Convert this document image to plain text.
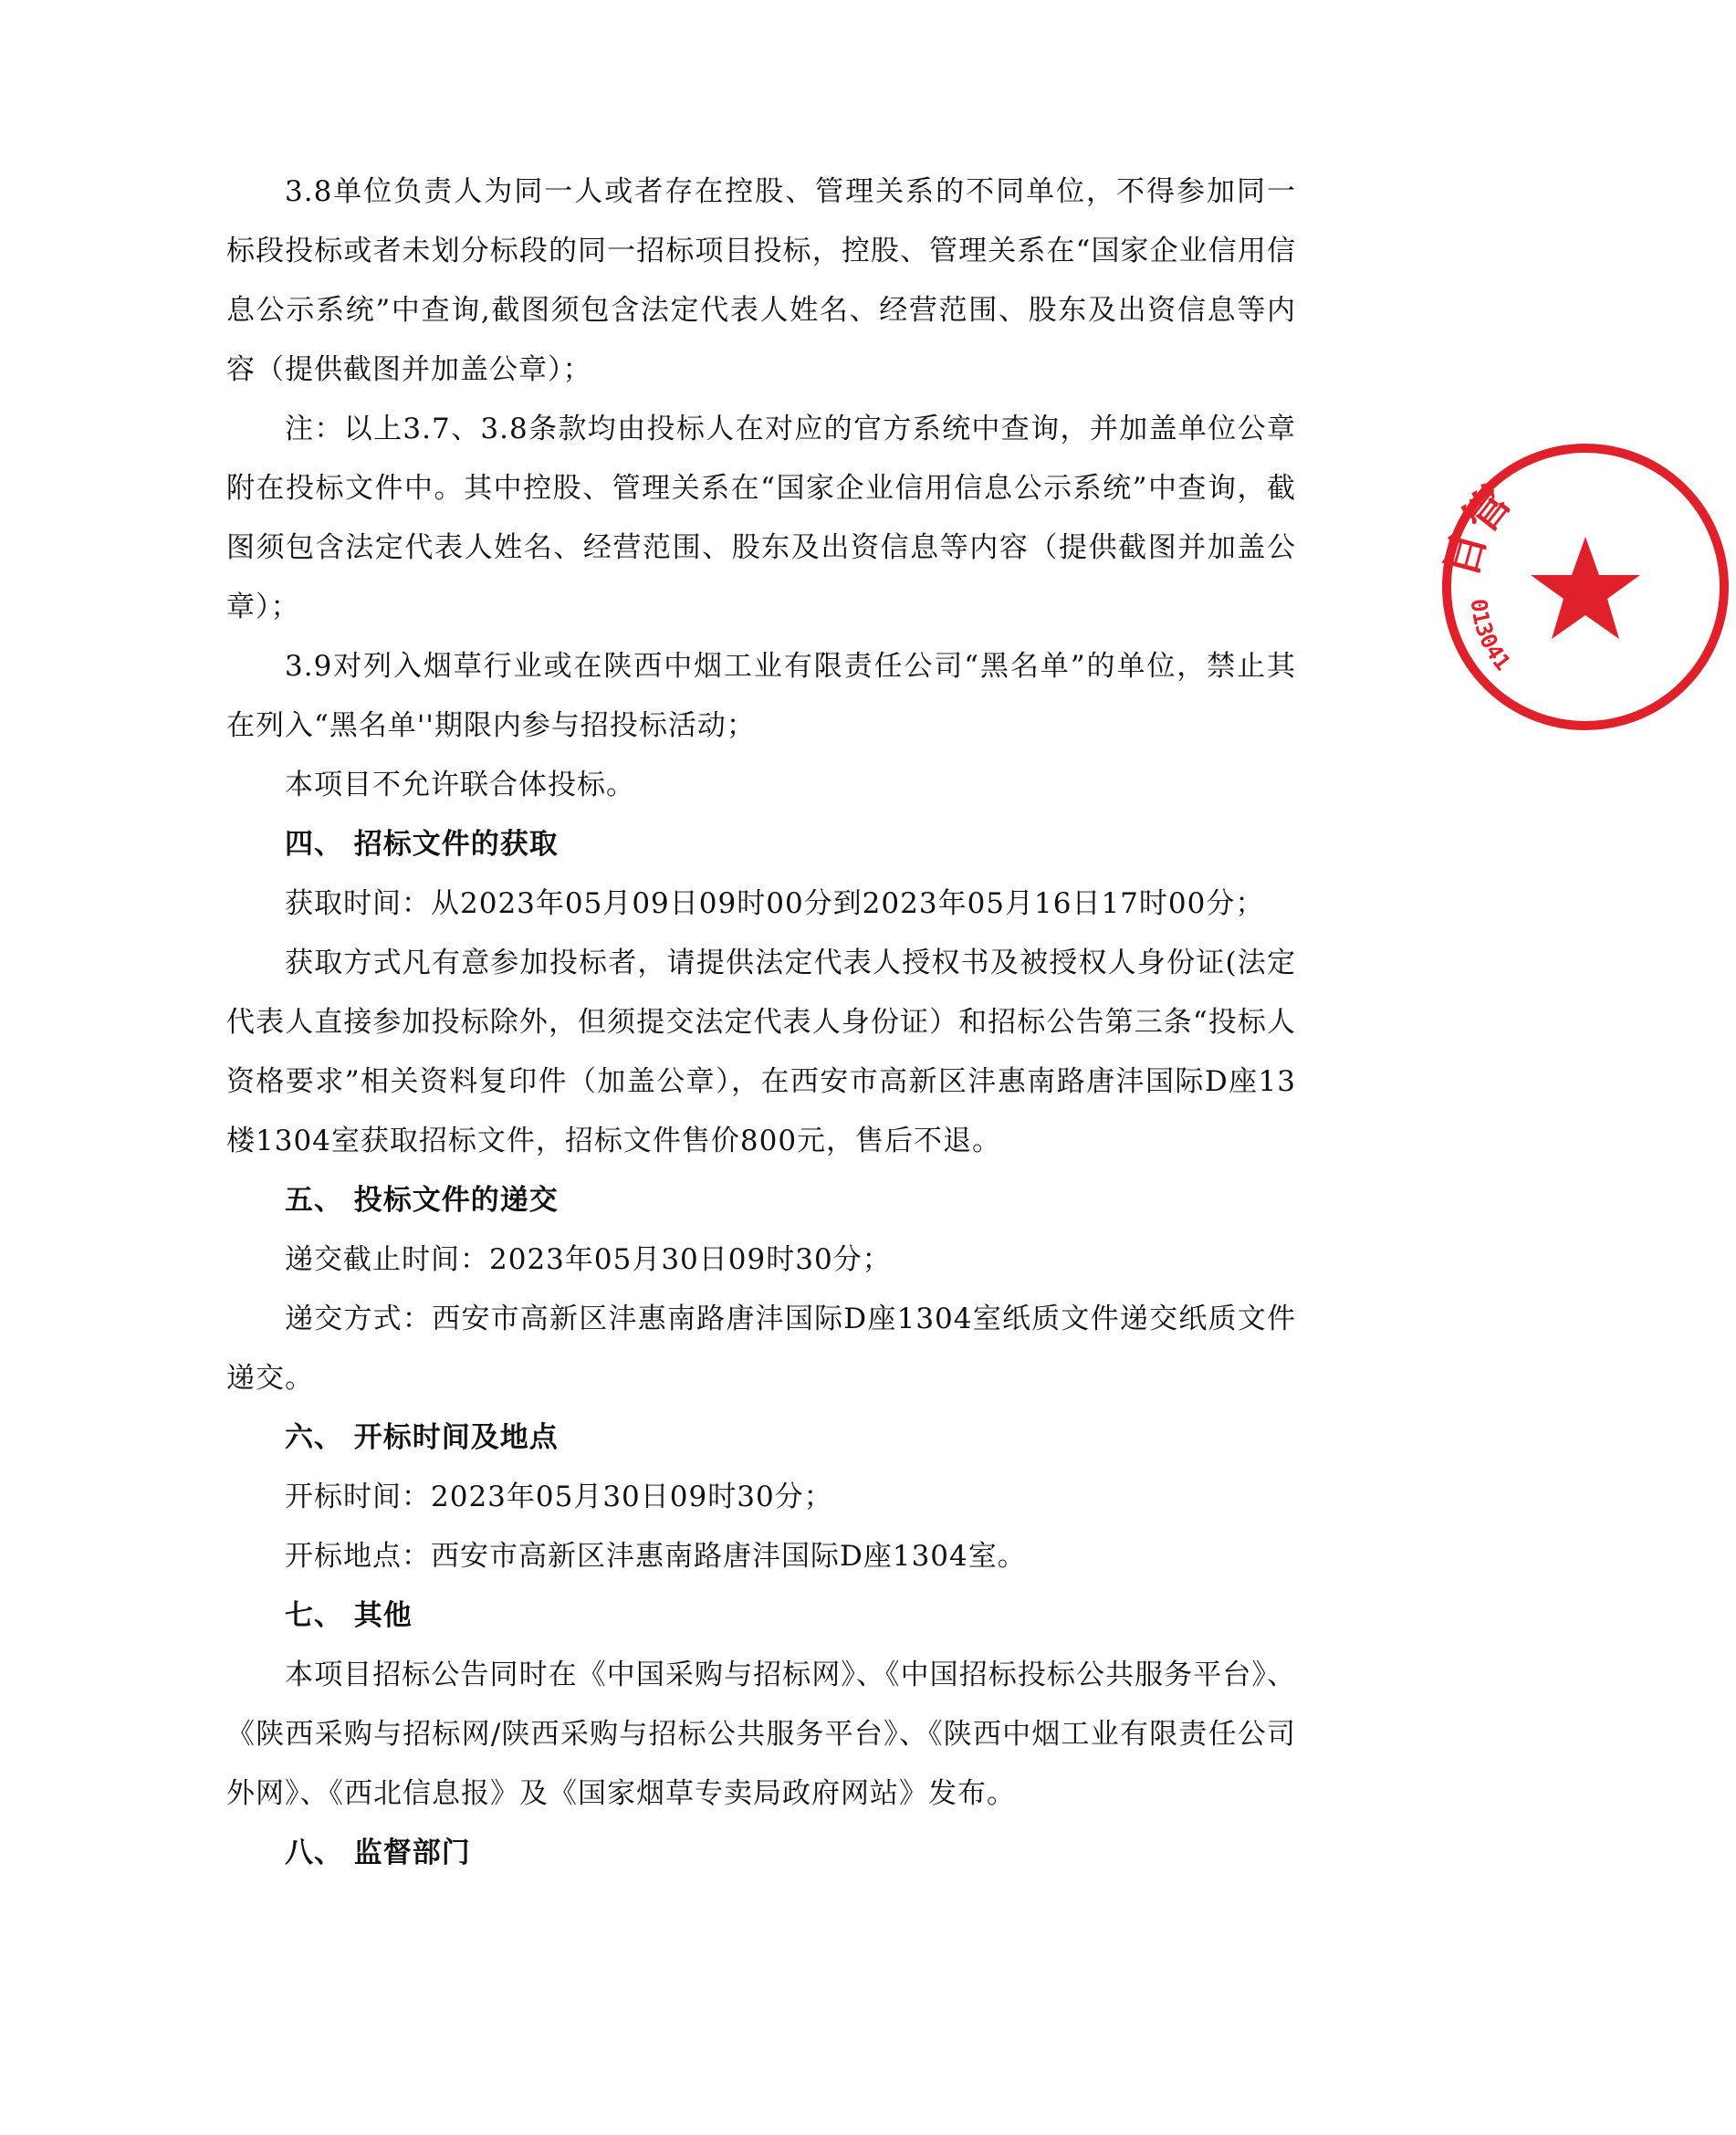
3.8单位负责人为同一人或者存在控股、管理关系的不同单位，不得参加同一标段投标或者未划分标段的同一招标项目投标，控股、管理关系在“国家企业信用信息公示系统”中查询,截图须包含法定代表人姓名、经营范围、股东及出资信息等内容（提供截图并加盖公章）；

注：以上3.7、3.8条款均由投标人在对应的官方系统中查询，并加盖单位公章附在投标文件中。其中控股、管理关系在“国家企业信用信息公示系统”中查询，截图须包含法定代表人姓名、经营范围、股东及出资信息等内容（提供截图并加盖公章）；

3.9对列入烟草行业或在陕西中烟工业有限责任公司“黑名单”的单位，禁止其在列入“黑名单''期限内参与招投标活动；

本项目不允许联合体投标。

四、 招标文件的获取

获取时间：从2023年05月09日09时00分到2023年05月16日17时00分；

获取方式凡有意参加投标者，请提供法定代表人授权书及被授权人身份证(法定代表人直接参加投标除外，但须提交法定代表人身份证）和招标公告第三条“投标人资格要求”相关资料复印件（加盖公章），在西安市高新区沣惠南路唐沣国际D座13楼1304室获取招标文件，招标文件售价800元，售后不退。

五、 投标文件的递交

递交截止时间：2023年05月30日09时30分；

递交方式：西安市高新区沣惠南路唐沣国际D座1304室纸质文件递交纸质文件递交。

六、 开标时间及地点

开标时间：2023年05月30日09时30分；

开标地点：西安市高新区沣惠南路唐沣国际D座1304室。

七、 其他

本项目招标公告同时在《中国采购与招标网》、《中国招标投标公共服务平台》、《陕西采购与招标网/陕西采购与招标公共服务平台》、《陕西中烟工业有限责任公司外网》、《西北信息报》及《国家烟草专卖局政府网站》发布。

八、 监督部门

目管
013041
